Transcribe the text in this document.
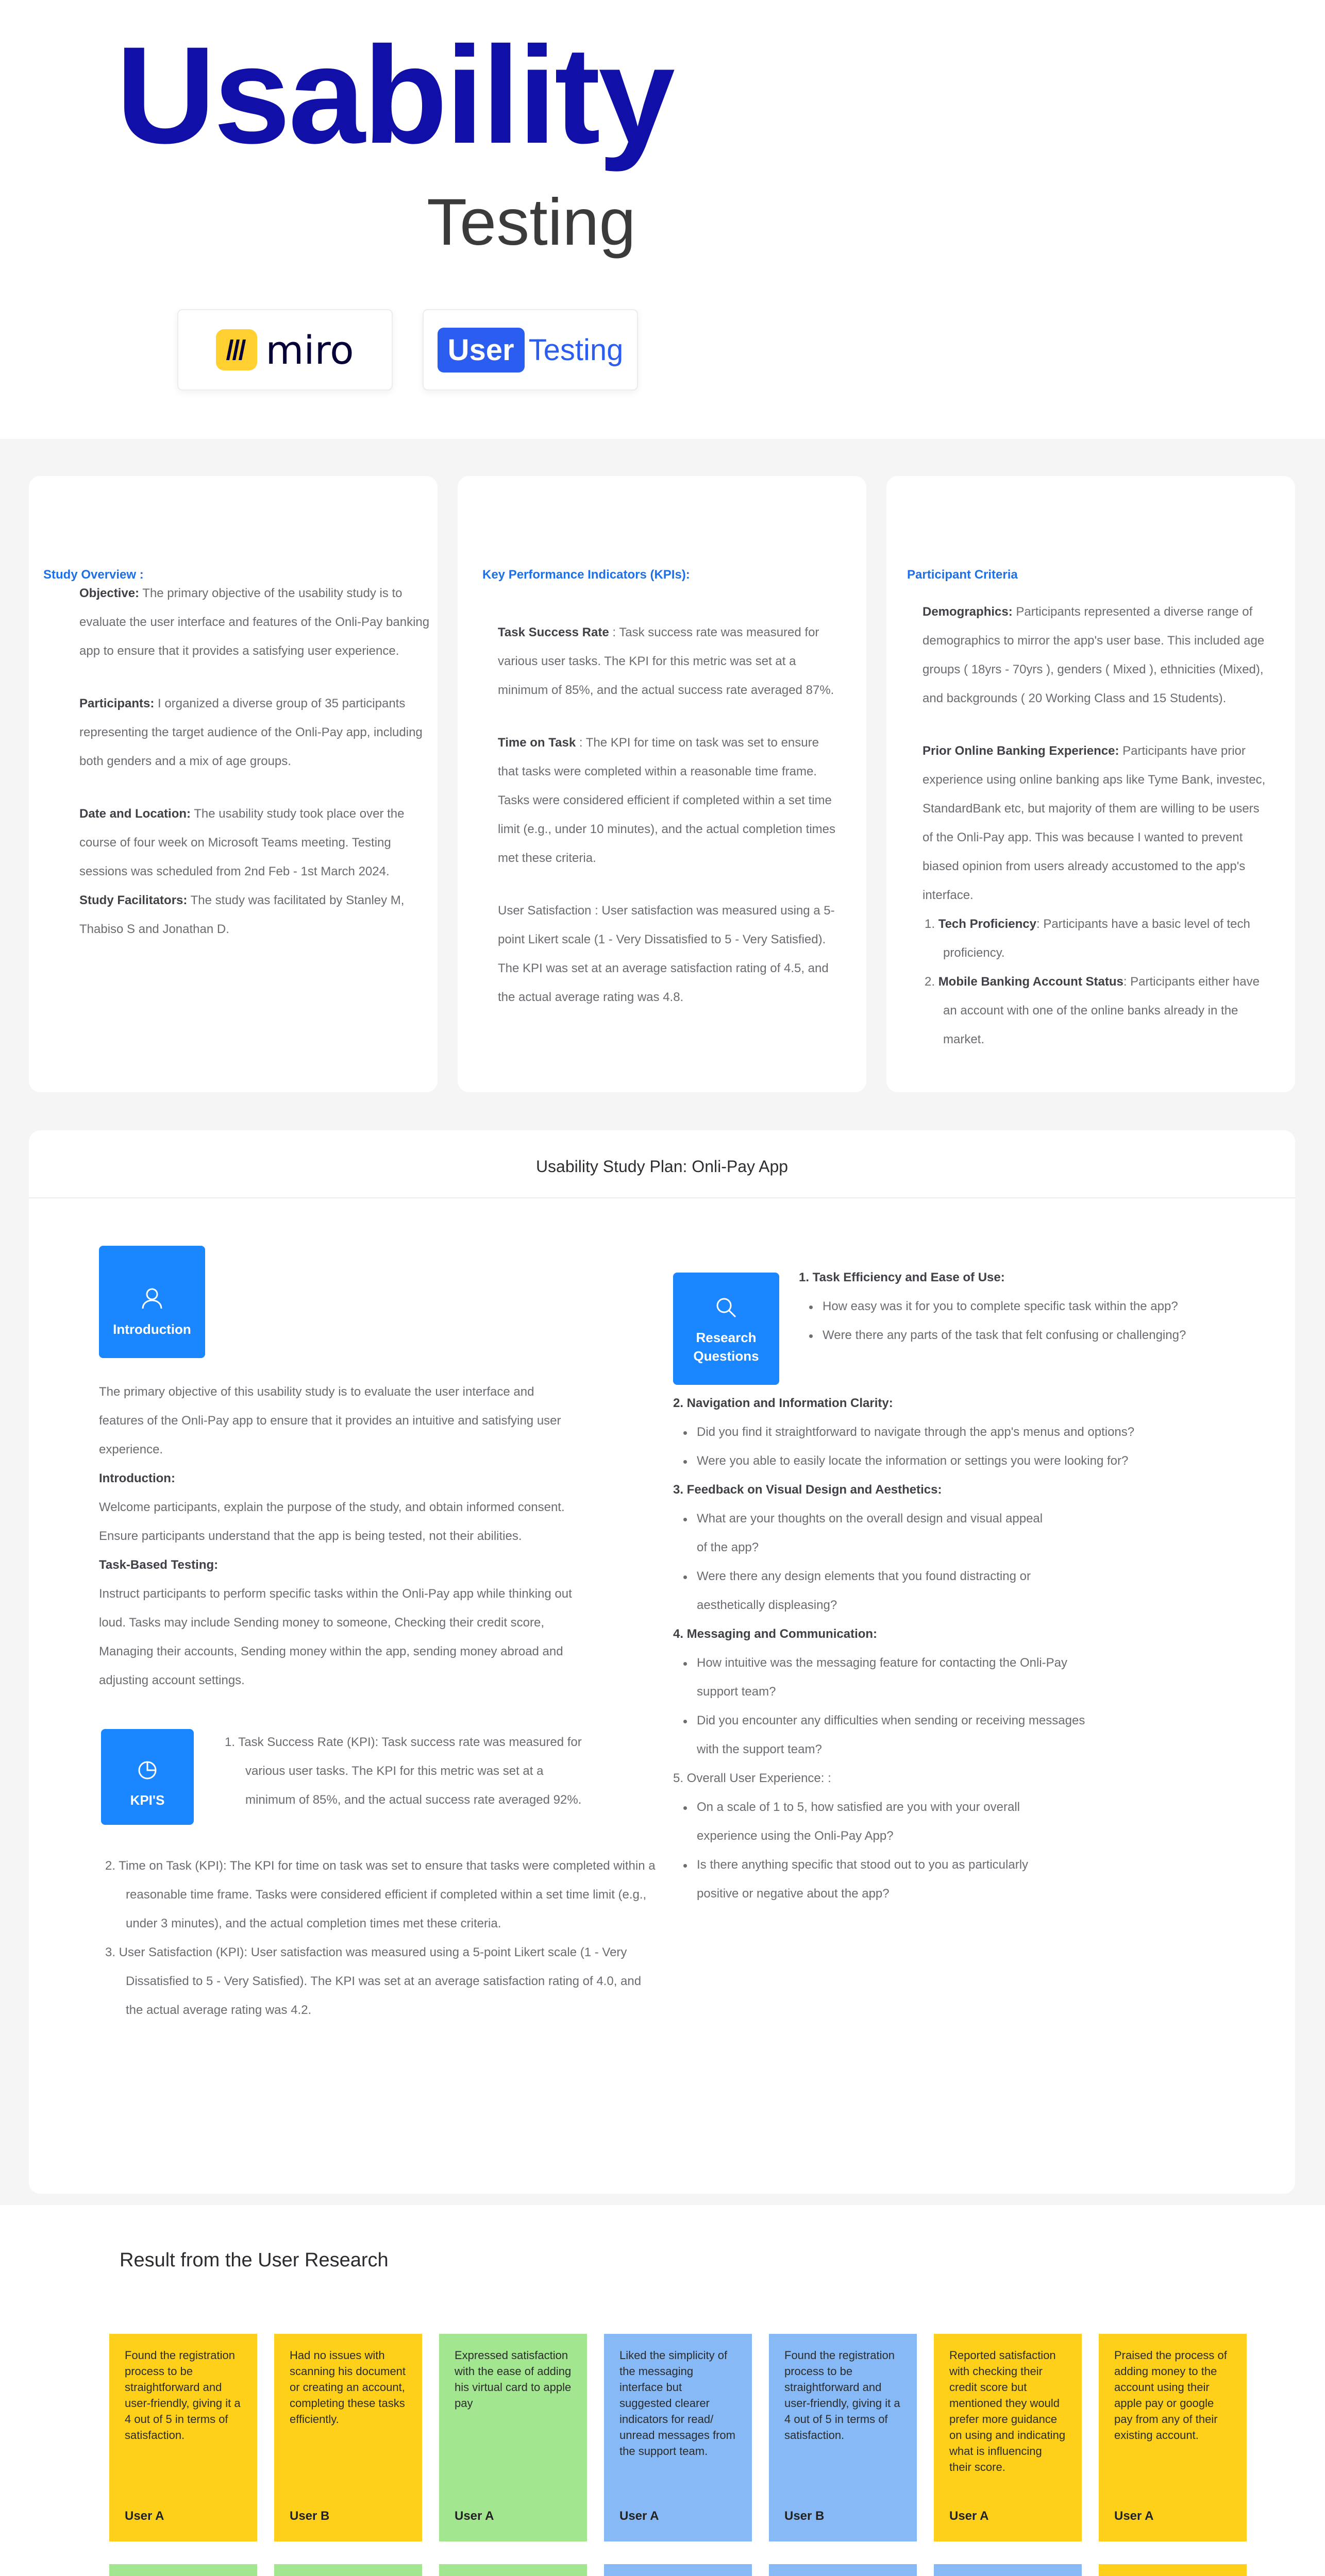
Usability
Testing
miro	User Testing
Study Overview :

Objective: The primary objective of the usability study is to evaluate the user interface and features of the Onli-Pay banking app to ensure that it provides a satisfying user experience.

Participants: I organized a diverse group of 35 participants representing the target audience of the Onli-Pay app, including both genders and a mix of age groups.

Date and Location: The usability study took place over the course of four week on Microsoft Teams meeting. Testing sessions was scheduled from 2nd Feb - 1st March 2024.

Study Facilitators: The study was facilitated by Stanley M, Thabiso S and Jonathan D.

Key Performance Indicators (KPIs):

Task Success Rate : Task success rate was measured for various user tasks. The KPI for this metric was set at a minimum of 85%, and the actual success rate averaged 87%.

Time on Task : The KPI for time on task was set to ensure that tasks were completed within a reasonable time frame. Tasks were considered efficient if completed within a set time limit (e.g., under 10 minutes), and the actual completion times met these criteria.

User Satisfaction : User satisfaction was measured using a 5-point Likert scale (1 - Very Dissatisfied to 5 - Very Satisfied). The KPI was set at an average satisfaction rating of 4.5, and the actual average rating was 4.8.

Participant Criteria

Demographics: Participants represented a diverse range of demographics to mirror the app's user base. This included age groups ( 18yrs - 70yrs ), genders ( Mixed ), ethnicities (Mixed), and backgrounds ( 20 Working Class and 15 Students).

Prior Online Banking Experience: Participants have prior experience using online banking aps like Tyme Bank, investec, StandardBank etc, but majority of them are willing to be users of the Onli-Pay app. This was because I wanted to prevent biased opinion from users already accustomed to the app's interface.

1. Tech Proficiency: Participants have a basic level of tech proficiency.
2. Mobile Banking Account Status: Participants either have an account with one of the online banks already in the market.
Usability Study Plan: Onli-Pay App
Introduction
The primary objective of this usability study is to evaluate the user interface and features of the Onli-Pay app to ensure that it provides an intuitive and satisfying user experience.
Introduction:
Welcome participants, explain the purpose of the study, and obtain informed consent. Ensure participants understand that the app is being tested, not their abilities.
Task-Based Testing:
Instruct participants to perform specific tasks within the Onli-Pay app while thinking out loud. Tasks may include Sending money to someone, Checking their credit score, Managing their accounts, Sending money within the app, sending money abroad and adjusting account settings.
KPI'S
1. Task Success Rate (KPI): Task success rate was measured for various user tasks. The KPI for this metric was set at a minimum of 85%, and the actual success rate averaged 92%.
2. Time on Task (KPI): The KPI for time on task was set to ensure that tasks were completed within a reasonable time frame. Tasks were considered efficient if completed within a set time limit (e.g., under 3 minutes), and the actual completion times met these criteria.
3. User Satisfaction (KPI): User satisfaction was measured using a 5-point Likert scale (1 - Very Dissatisfied to 5 - Very Satisfied). The KPI was set at an average satisfaction rating of 4.0, and the actual average rating was 4.2.
Research
Questions
1. Task Efficiency and Ease of Use:
How easy was it for you to complete specific task within the app?
Were there any parts of the task that felt confusing or challenging?
2. Navigation and Information Clarity:
Did you find it straightforward to navigate through the app's menus and options?
Were you able to easily locate the information or settings you were looking for?
3. Feedback on Visual Design and Aesthetics:
What are your thoughts on the overall design and visual appeal of the app?
Were there any design elements that you found distracting or aesthetically displeasing?
4. Messaging and Communication:
How intuitive was the messaging feature for contacting the Onli-Pay support team?
Did you encounter any difficulties when sending or receiving messages with the support team?
5. Overall User Experience: :
On a scale of 1 to 5, how satisfied are you with your overall experience using the Onli-Pay App?
Is there anything specific that stood out to you as particularly positive or negative about the app?
Result from the User Research
Found the registration process to be straightforward and user-friendly, giving it a 4 out of 5 in terms of satisfaction.
User A
Had no issues with scanning his document or creating an account, completing these tasks efficiently.
User B
Expressed satisfaction with the ease of adding his virtual card to apple pay
User A
Liked the simplicity of the messaging interface but suggested clearer indicators for read/ unread messages from the support team.
User A
Found the registration process to be straightforward and user-friendly, giving it a 4 out of 5 in terms of satisfaction.
User B
Reported satisfaction with checking their credit score but mentioned they would prefer more guidance on using and indicating what is influencing their score.
User A
Praised the process of adding money to the account using their apple pay or google pay from any of their existing account.
User A
